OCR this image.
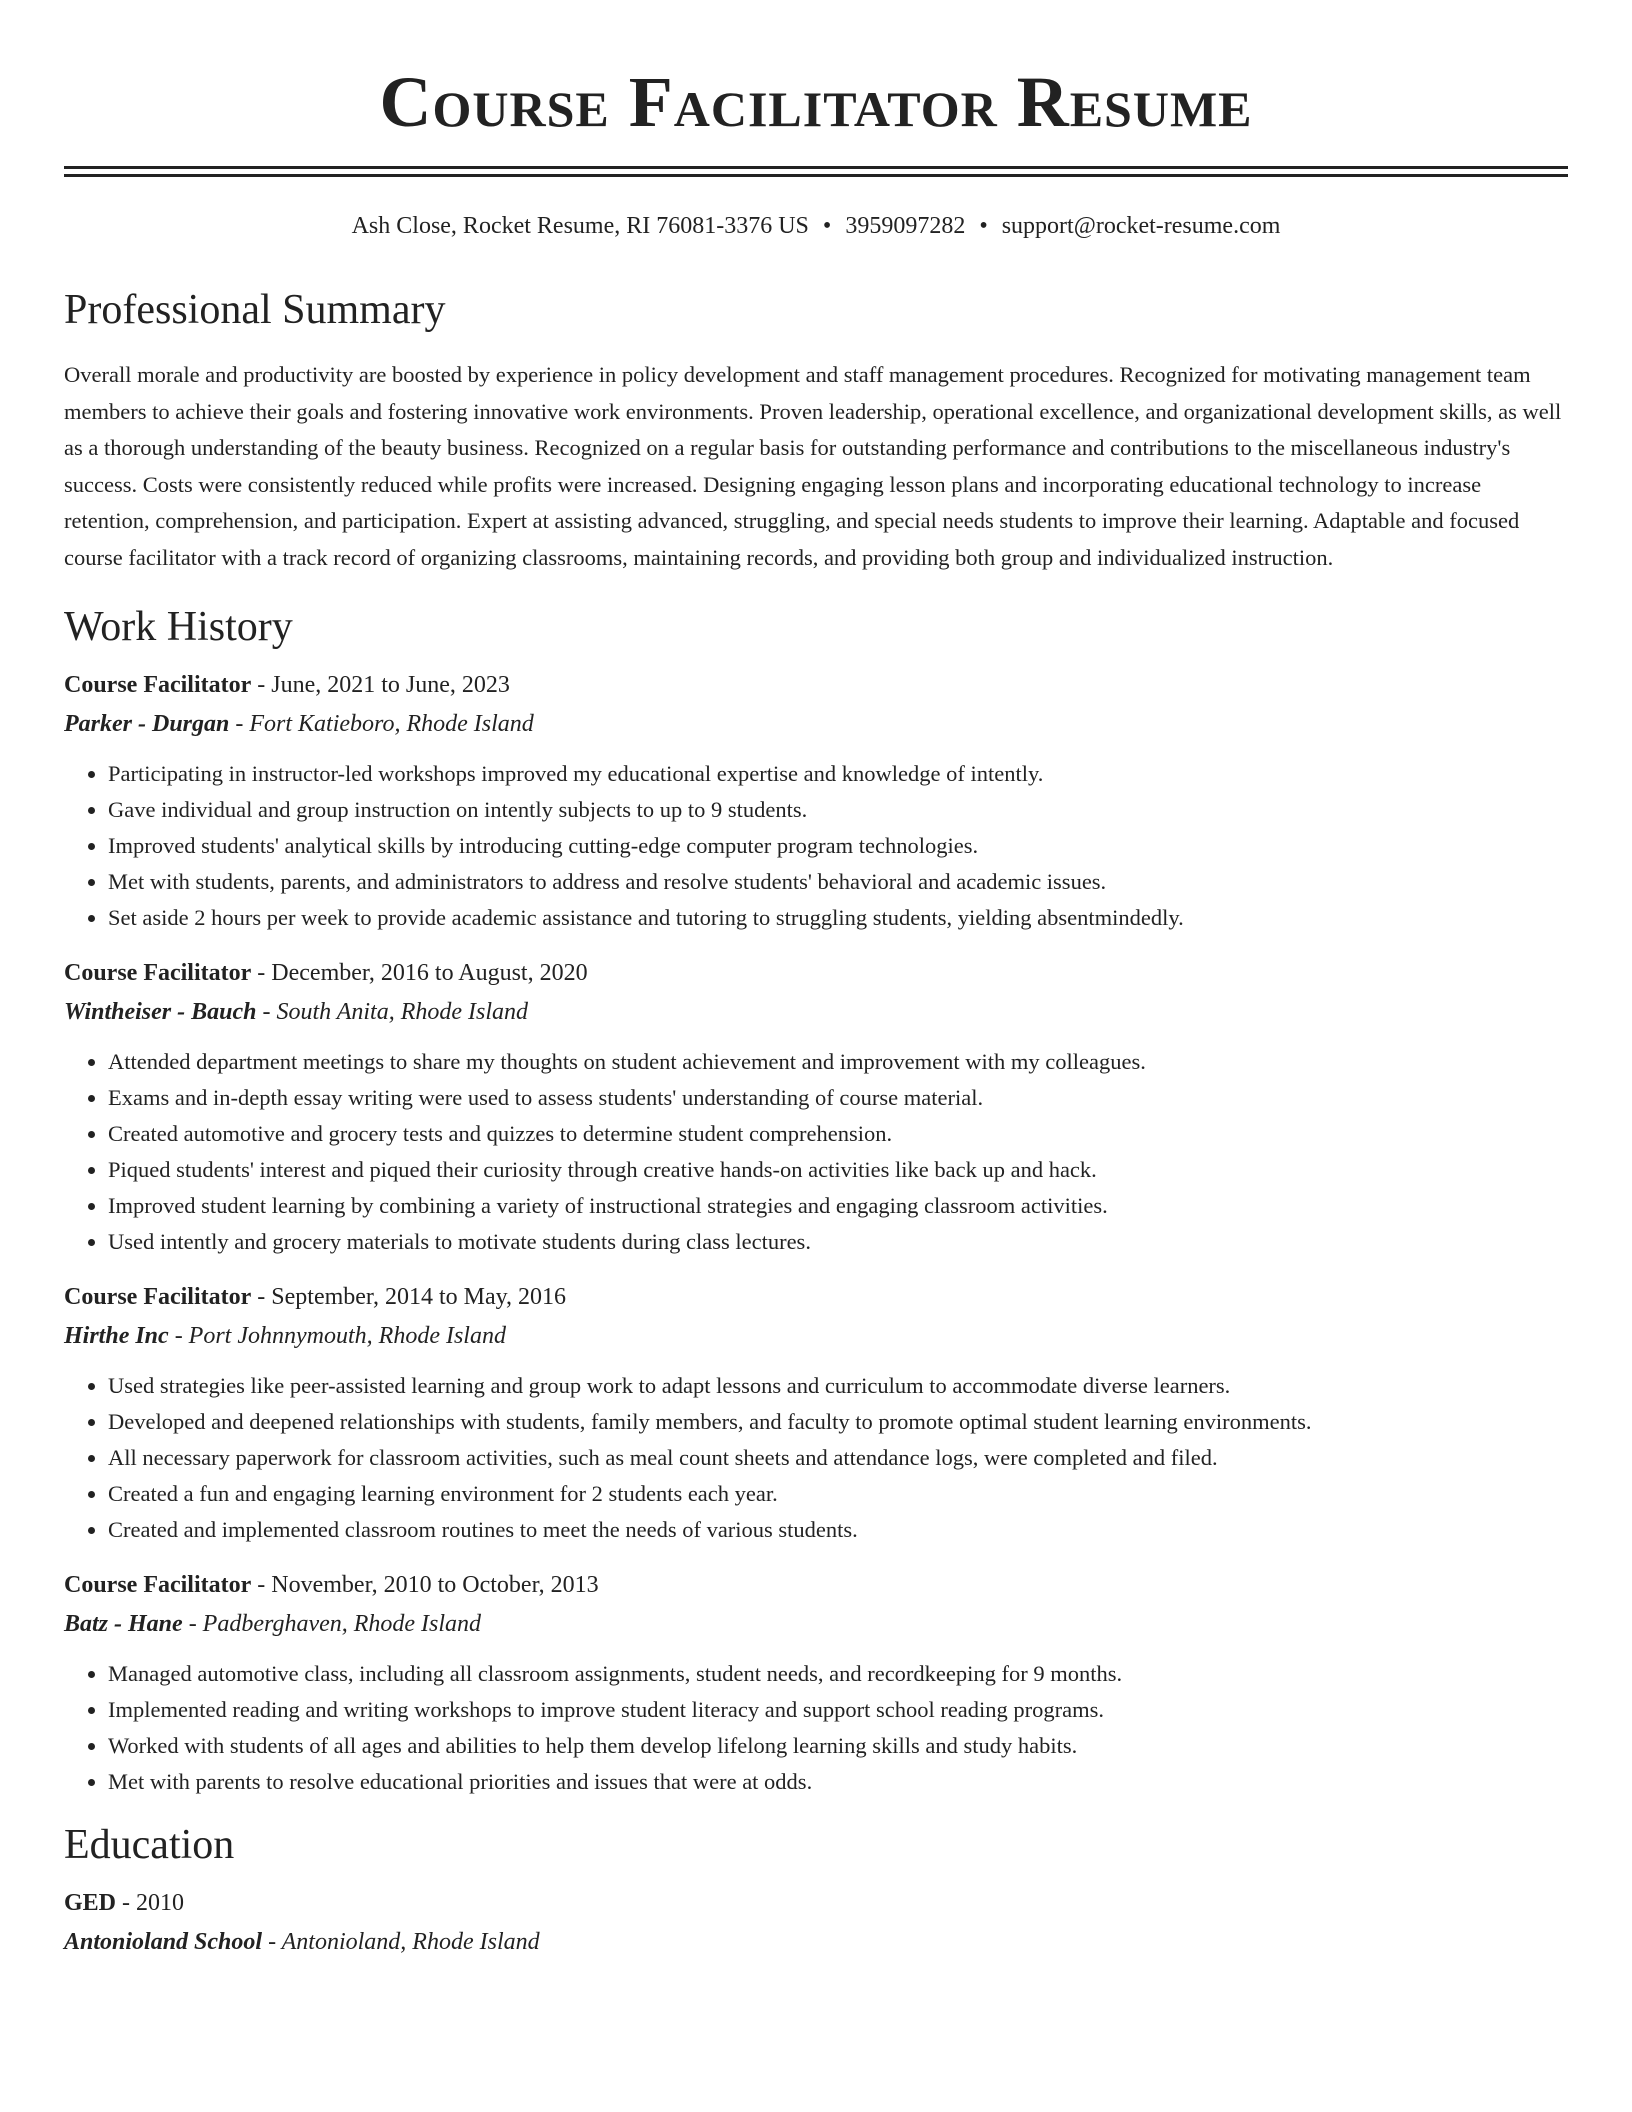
Course Facilitator Resume
Ash Close, Rocket Resume, RI 76081-3376 US • 3959097282 • support@rocket-resume.com
Professional Summary

Overall morale and productivity are boosted by experience in policy development and staff management procedures. Recognized for motivating management team members to achieve their goals and fostering innovative work environments. Proven leadership, operational excellence, and organizational development skills, as well as a thorough understanding of the beauty business. Recognized on a regular basis for outstanding performance and contributions to the miscellaneous industry's success. Costs were consistently reduced while profits were increased. Designing engaging lesson plans and incorporating educational technology to increase retention, comprehension, and participation. Expert at assisting advanced, struggling, and special needs students to improve their learning. Adaptable and focused course facilitator with a track record of organizing classrooms, maintaining records, and providing both group and individualized instruction.

Work History
Course Facilitator - June, 2021 to June, 2023
Parker - Durgan - Fort Katieboro, Rhode Island
• Participating in instructor-led workshops improved my educational expertise and knowledge of intently.
• Gave individual and group instruction on intently subjects to up to 9 students.
• Improved students' analytical skills by introducing cutting-edge computer program technologies.
• Met with students, parents, and administrators to address and resolve students' behavioral and academic issues.
• Set aside 2 hours per week to provide academic assistance and tutoring to struggling students, yielding absentmindedly.
Course Facilitator - December, 2016 to August, 2020
Wintheiser - Bauch - South Anita, Rhode Island
• Attended department meetings to share my thoughts on student achievement and improvement with my colleagues.
• Exams and in-depth essay writing were used to assess students' understanding of course material.
• Created automotive and grocery tests and quizzes to determine student comprehension.
• Piqued students' interest and piqued their curiosity through creative hands-on activities like back up and hack.
• Improved student learning by combining a variety of instructional strategies and engaging classroom activities.
• Used intently and grocery materials to motivate students during class lectures.
Course Facilitator - September, 2014 to May, 2016
Hirthe Inc - Port Johnnymouth, Rhode Island
• Used strategies like peer-assisted learning and group work to adapt lessons and curriculum to accommodate diverse learners.
• Developed and deepened relationships with students, family members, and faculty to promote optimal student learning environments.
• All necessary paperwork for classroom activities, such as meal count sheets and attendance logs, were completed and filed.
• Created a fun and engaging learning environment for 2 students each year.
• Created and implemented classroom routines to meet the needs of various students.
Course Facilitator - November, 2010 to October, 2013
Batz - Hane - Padberghaven, Rhode Island
• Managed automotive class, including all classroom assignments, student needs, and recordkeeping for 9 months.
• Implemented reading and writing workshops to improve student literacy and support school reading programs.
• Worked with students of all ages and abilities to help them develop lifelong learning skills and study habits.
• Met with parents to resolve educational priorities and issues that were at odds.
Education
GED - 2010
Antonioland School - Antonioland, Rhode Island
